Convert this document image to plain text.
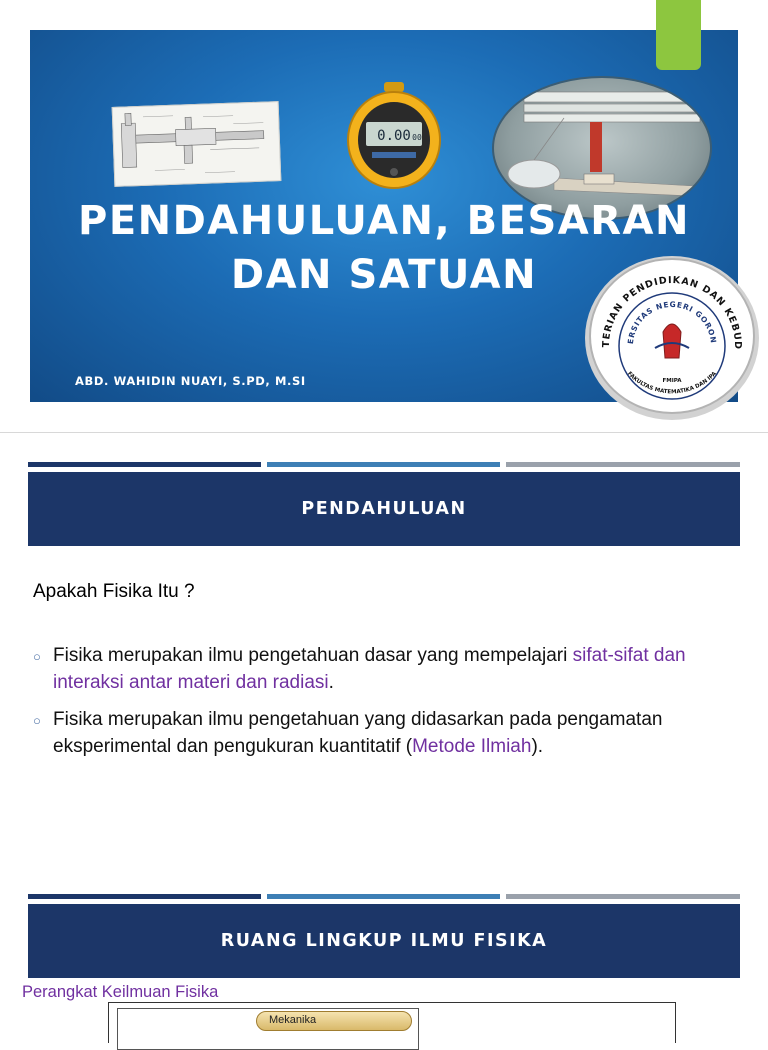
0.00 00
ABD. WAHIDIN NUAYI, S.PD, M.SI
PENDAHULUAN, BESARAN
DAN SATUAN
TERIAN PENDIDIKAN DAN KEBUD
ERSITAS NEGERI GORON
FMIPA
FAKULTAS MATEMATIKA DAN IPA
PENDAHULUAN
Apakah Fisika Itu ?
○ Fisika merupakan ilmu pengetahuan dasar yang mempelajari sifat-sifat dan interaksi antar materi dan radiasi.
○ Fisika merupakan ilmu pengetahuan yang didasarkan pada pengamatan eksperimental dan pengukuran kuantitatif (Metode Ilmiah).
RUANG LINGKUP ILMU FISIKA
Perangkat Keilmuan Fisika
Mekanika
